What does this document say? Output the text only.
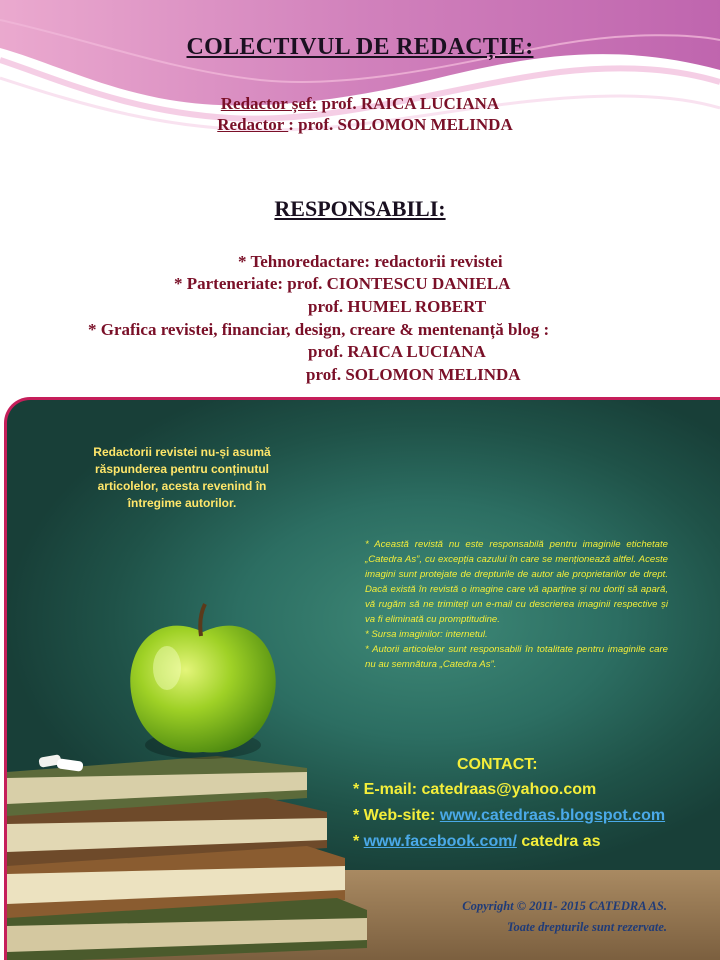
COLECTIVUL DE REDACȚIE:
Redactor șef: prof. RAICA LUCIANA
Redactor : prof. SOLOMON MELINDA
RESPONSABILI:
* Tehnoredactare: redactorii revistei
* Parteneriate: prof. CIONTESCU DANIELA
prof. HUMEL ROBERT
* Grafica revistei, financiar, design, creare & mentenanță blog :
prof. RAICA LUCIANA
prof. SOLOMON MELINDA
Redactorii revistei nu-și asumă răspunderea pentru conținutul articolelor, acesta revenind în întregime autorilor.

* Această revistă nu este responsabilă pentru imaginile etichetate „Catedra As”, cu excepția cazului în care se menționează altfel. Aceste imagini sunt protejate de drepturile de autor ale proprietarilor de drept. Dacă există în revistă o imagine care vă aparține și nu doriți să apară, vă rugăm să ne trimiteți un e-mail cu descrierea imaginii respective și va fi eliminată cu promptitudine.

* Sursa imaginilor: internetul.

* Autorii articolelor sunt responsabili în totalitate pentru imaginile care nu au semnătura „Catedra As”.

CONTACT:
* E-mail: catedraas@yahoo.com
* Web-site: www.catedraas.blogspot.com
* www.facebook.com/ catedra as
Copyright © 2011- 2015 CATEDRA AS.
Toate drepturile sunt rezervate.
